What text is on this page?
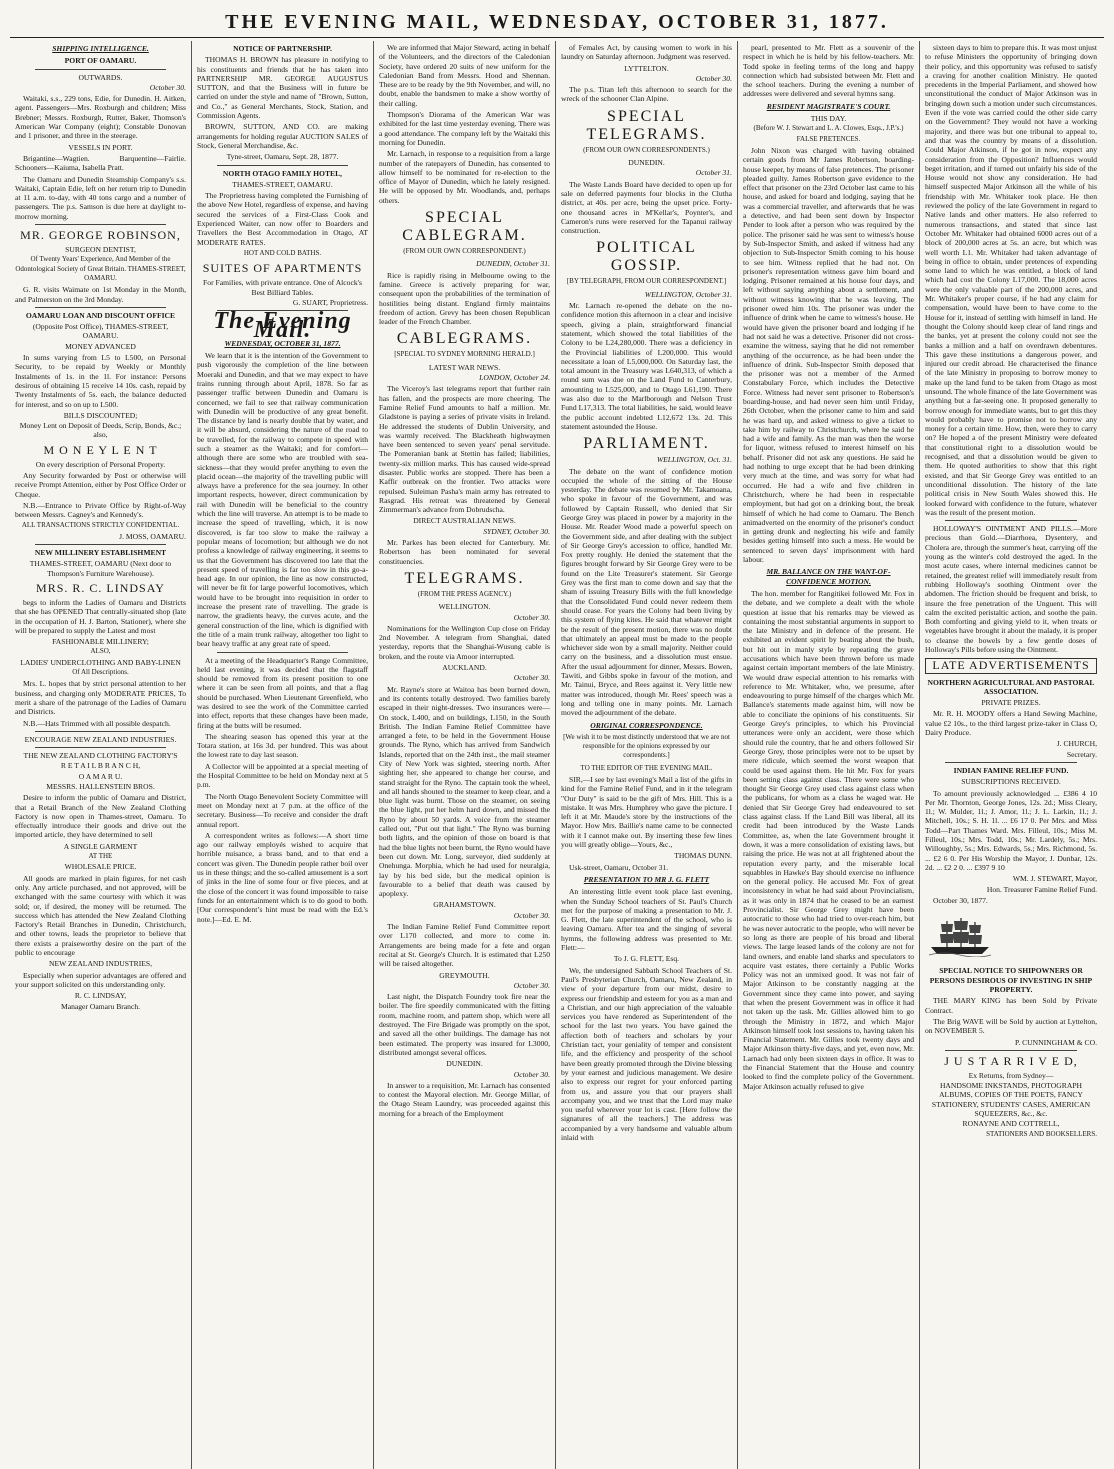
THE EVENING MAIL, WEDNESDAY, OCTOBER 31, 1877.
SHIPPING INTELLIGENCE.
PORT OF OAMARU.
OUTWARDS.
October 30.
Waitaki, s.s., 229 tons, Edie, for Dunedin. H. Aitken, agent. Passengers—Mrs. Roxburgh and children; Miss Brebner; Messrs. Roxburgh, Rutter, Baker, Thomson's American War Company (eight); Constable Donovan and 1 prisoner, and three in the steerage.
VESSELS IN PORT.
Brigantine—Wagtien. Barquentine—Fairlie. Schooners—Kaiuma, Isabella Pratt.
The Oamaru and Dunedin Steamship Company's s.s. Waitaki, Captain Edie, left on her return trip to Dunedin at 11 a.m. to-day, with 40 tons cargo and a number of passengers. The p.s. Samson is due here at daylight to-morrow morning.
MR. GEORGE ROBINSON,
SURGEON DENTIST,
Of Twenty Years' Experience, And Member of the Odontological Society of Great Britain. THAMES-STREET, OAMARU.
G. R. visits Waimate on 1st Monday in the Month, and Palmerston on the 3rd Monday.
OAMARU LOAN AND DISCOUNT OFFICE
(Opposite Post Office), THAMES-STREET, OAMARU.
MONEY ADVANCED
In sums varying from L5 to L500, on Personal Security, to be repaid by Weekly or Monthly Instalments of 1s. in the 1l. For instance: Persons desirous of obtaining 15 receive 14 10s. cash, repaid by Twenty Instalments of 5s. each, the balance deducted for interest, and so on up to L500.
BILLS DISCOUNTED;
Money Lent on Deposit of Deeds, Scrip, Bonds, &c.; also,
M O N E Y L E N T
On every description of Personal Property.
Any Security forwarded by Post or otherwise will receive Prompt Attention, either by Post Office Order or Cheque.
N.B.—Entrance to Private Office by Right-of-Way between Messrs. Cagney's and Kennedy's.
ALL TRANSACTIONS STRICTLY CONFIDENTIAL.
J. MOSS, OAMARU.
NEW MILLINERY ESTABLISHMENT
THAMES-STREET, OAMARU (Next door to Thompson's Furniture Warehouse).
MRS. R. C. LINDSAY
begs to inform the Ladies of Oamaru and Districts that she has OPENED That centrally-situated shop (late in the occupation of H. J. Barton, Stationer), where she will be prepared to supply the Latest and most
FASHIONABLE MILLINERY;
ALSO,
LADIES' UNDERCLOTHING AND BABY-LINEN
Of All Descriptions.
Mrs. L. hopes that by strict personal attention to her business, and charging only MODERATE PRICES, To merit a share of the patronage of the Ladies of Oamaru and Districts.
N.B.—Hats Trimmed with all possible despatch.
ENCOURAGE NEW ZEALAND INDUSTRIES.
THE NEW ZEALAND CLOTHING FACTORY'S
R E T A I L B R A N C H,
O A M A R U.
MESSRS. HALLENSTEIN BROS.
Desire to inform the public of Oamaru and District, that a Retail Branch of the New Zealand Clothing Factory is now open in Thames-street, Oamaru. To effectually introduce their goods and drive out the imported article, they have determined to sell
A SINGLE GARMENT
AT THE
WHOLESALE PRICE.
All goods are marked in plain figures, for net cash only. Any article purchased, and not approved, will be exchanged with the same courtesy with which it was sold; or, if desired, the money will be returned. The success which has attended the New Zealand Clothing Factory's Retail Branches in Dunedin, Christchurch, and other towns, leads the proprietor to believe that there exists a praiseworthy desire on the part of the public to encourage
NEW ZEALAND INDUSTRIES,
Especially when superior advantages are offered and your support solicited on this understanding only.
R. C. LINDSAY,
Manager Oamaru Branch.
NOTICE OF PARTNERSHIP.
THOMAS H. BROWN has pleasure in notifying to his constituents and friends that he has taken into PARTNERSHIP MR. GEORGE AUGUSTUS SUTTON, and that the Business will in future be carried on under the style and name of "Brown, Sutton, and Co.," as General Merchants, Stock, Station, and Commission Agents.
BROWN, SUTTON, AND CO. are making arrangements for holding regular AUCTION SALES of Stock, General Merchandise, &c.
Tyne-street, Oamaru, Sept. 28, 1877.
NORTH OTAGO FAMILY HOTEL,
THAMES-STREET, OAMARU.
The Proprietress having completed the Furnishing of the above New Hotel, regardless of expense, and having secured the services of a First-Class Cook and Experienced Waiter, can now offer to Boarders and Travellers the Best Accommodation in Otago, AT MODERATE RATES.
HOT AND COLD BATHS.
SUITES OF APARTMENTS
For Families, with private entrance. One of Alcock's Best Billiard Tables.
G. SUART, Proprietress.
The Evening Mail.
WEDNESDAY, OCTOBER 31, 1877.
We learn that it is the intention of the Government to push vigorously the completion of the line between Moeraki and Dunedin, and that we may expect to have trains running through about April, 1878. So far as passenger traffic between Dunedin and Oamaru is concerned, we fail to see that railway communication with Dunedin will be productive of any great benefit. The distance by land is nearly double that by water, and it will be absurd, considering the nature of the road to be travelled, for the railway to compete in speed with such a steamer as the Waitaki; and for comfort—although there are some who are troubled with sea-sickness—that they would prefer anything to even the placid ocean—the majority of the travelling public will always have a preference for the sea journey. In other important respects, however, direct communication by rail with Dunedin will be beneficial to the country which the line will traverse. An attempt is to be made to increase the speed of travelling, which, it is now discovered, is far too slow to make the railway a popular means of locomotion; but although we do not profess a knowledge of railway engineering, it seems to us that the Government has discovered too late that the present speed of travelling is far too slow in this go-a-head age. In our opinion, the line as now constructed, will never be fit for large powerful locomotives, which would have to be brought into requisition in order to increase the present rate of travelling. The grade is narrow, the gradients heavy, the curves acute, and the general construction of the line, which is dignified with the title of a main trunk railway, altogether too light to bear heavy traffic at any great rate of speed.
At a meeting of the Headquarter's Range Committee, held last evening, it was decided that the flagstaff should be removed from its present position to one where it can be seen from all points, and that a flag should be purchased. When Lieutenant Greenfield, who was desired to see the work of the Committee carried into effect, reports that these changes have been made, firing at the butts will be resumed.
The shearing season has opened this year at the Totara station, at 16s 3d. per hundred. This was about the lowest rate to day last season.
A Collector will be appointed at a special meeting of the Hospital Committee to be held on Monday next at 5 p.m.
The North Otago Benevolent Society Committee will meet on Monday next at 7 p.m. at the office of the secretary. Business—To receive and consider the draft annual report.
A correspondent writes as follows:—A short time ago our railway employés wished to acquire that horrible nuisance, a brass band, and to that end a concert was given. The Dunedin people rather boil over us in these things; and the so-called amusement is a sort of jinks in the line of some four or five pieces, and at the close of the concert it was found impossible to raise funds for an entertainment which is to do good to both. [Our correspondent’s hint must be read with the Ed.'s note.]—Ed. E. M.
We are informed that Major Steward, acting in behalf of the Volunteers, and the directors of the Caledonian Society, have ordered 20 suits of new uniform for the Caledonian Band from Messrs. Hood and Shennan. These are to be ready by the 9th November, and will, no doubt, enable the bandsmen to make a show worthy of their calling.
Thompson's Diorama of the American War was exhibited for the last time yesterday evening. There was a good attendance. The company left by the Waitaki this morning for Dunedin.
Mr. Larnach, in response to a requisition from a large number of the ratepayers of Dunedin, has consented to allow himself to be nominated for re-election to the office of Mayor of Dunedin, which he lately resigned. He will be opposed by Mr. Woodlands, and, perhaps others.
SPECIAL CABLEGRAM.
(FROM OUR OWN CORRESPONDENT.)
DUNEDIN, October 31.
Rice is rapidly rising in Melbourne owing to the famine. Greece is actively preparing for war, consequent upon the probabilities of the termination of hostilities being distant. England firmly maintains freedom of action. Grevy has been chosen Republican leader of the French Chamber.
CABLEGRAMS.
[SPECIAL TO SYDNEY MORNING HERALD.]
LATEST WAR NEWS.
LONDON, October 24.
The Viceroy's last telegrams report that further rain has fallen, and the prospects are more cheering. The Famine Relief Fund amounts to half a million. Mr. Gladstone is paying a series of private visits in Ireland. He addressed the students of Dublin University, and was warmly received. The Blackheath highwaymen have been sentenced to seven years' penal servitude. The Pomeranian bank at Stettin has failed; liabilities, twenty-six million marks. This has caused wide-spread disaster. Public works are stopped. There has been a Kaffir outbreak on the frontier. Two attacks were repulsed. Suleiman Pasha's main army has retreated to Rasgrad. His retreat was threatened by General Zimmerman's advance from Dobrudscha.
DIRECT AUSTRALIAN NEWS.
SYDNEY, October 30.
Mr. Parkes has been elected for Canterbury. Mr. Robertson has been nominated for several constituencies.
TELEGRAMS.
(FROM THE PRESS AGENCY.)
WELLINGTON.
October 30.
Nominations for the Wellington Cup close on Friday 2nd November. A telegram from Shanghai, dated yesterday, reports that the Shanghai-Wusung cable is broken, and the route via Amoor interrupted.
AUCKLAND.
October 30.
Mr. Rayne's store at Waitoa has been burned down, and its contents totally destroyed. Two families barely escaped in their night-dresses. Two insurances were—On stock, L400, and on buildings, L150, in the South British. The Indian Famine Relief Committee have arranged a fete, to be held in the Government House grounds. The Ryno, which has arrived from Sandwich Islands, reported that on the 24th inst., the mail steamer City of New York was sighted, steering north. After sighting her, she appeared to change her course, and stand straight for the Ryno. The captain took the wheel, and all hands shouted to the steamer to keep clear, and a blue light was burnt. Those on the steamer, on seeing the blue light, put her helm hard down, and missed the Ryno by about 50 yards. A voice from the steamer called out, "Put out that light." The Ryno was burning both lights, and the opinion of those on board is that had the blue lights not been burnt, the Ryno would have been cut down. Mr. Long, surveyor, died suddenly at Onehunga. Morphia, which he had used for neuralgia, lay by his bed side, but the medical opinion is favourable to a belief that death was caused by apoplexy.
GRAHAMSTOWN.
October 30.
The Indian Famine Relief Fund Committee report over L170 collected, and more to come in. Arrangements are being made for a fete and organ recital at St. George's Church. It is estimated that L250 will be raised altogether.
GREYMOUTH.
October 30.
Last night, the Dispatch Foundry took fire near the boiler. The fire speedily communicated with the fitting room, machine room, and pattern shop, which were all destroyed. The Fire Brigade was promptly on the spot, and saved all the other buildings. The damage has not been estimated. The property was insured for L3000, distributed amongst several offices.
DUNEDIN.
October 30.
In answer to a requisition, Mr. Larnach has consented to contest the Mayoral election. Mr. George Millar, of the Otago Steam Laundry, was proceeded against this morning for a breach of the Employment
of Females Act, by causing women to work in his laundry on Saturday afternoon. Judgment was reserved.
LYTTELTON.
October 30.
The p.s. Titan left this afternoon to search for the wreck of the schooner Clan Alpine.
SPECIAL TELEGRAMS.
(FROM OUR OWN CORRESPONDENTS.)
DUNEDIN.
October 31.
The Waste Lands Board have decided to open up for sale on deferred payments four blocks in the Clutha district, at 40s. per acre, being the upset price. Forty-one thousand acres in M'Kellar's, Poynter's, and Cameron's runs were reserved for the Tapanui railway construction.
POLITICAL GOSSIP.
[BY TELEGRAPH, FROM OUR CORRESPONDENT.]
WELLINGTON, October 31.
Mr. Larnach re-opened the debate on the no-confidence motion this afternoon in a clear and incisive speech, giving a plain, straightforward financial statement, which showed the total liabilities of the Colony to be L24,280,000. There was a deficiency in the Provincial liabilities of L200,000. This would necessitate a loan of L5,000,000. On Saturday last, the total amount in the Treasury was L640,313, of which a round sum was due on the Land Fund to Canterbury, amounting to L525,000, and to Otago L61,190. There was also due to the Marlborough and Nelson Trust Fund L17,313. The total liabilities, he said, would leave the public account indebted L12,672 13s. 2d. This statement astounded the House.
PARLIAMENT.
WELLINGTON, Oct. 31.
The debate on the want of confidence motion occupied the whole of the sitting of the House yesterday. The debate was resumed by Mr. Takamoana, who spoke in favour of the Government, and was followed by Captain Russell, who denied that Sir George Grey was placed in power by a majority in the House. Mr. Reader Wood made a powerful speech on the Government side, and after dealing with the subject of Sir George Grey's accession to office, handled Mr. Fox pretty roughly. He denied the statement that the figures brought forward by Sir George Grey were to be found on the Lite Treasurer's statement. Sir George Grey was the first man to come down and say that the sham of issuing Treasury Bills with the full knowledge that the Consolidated Fund could never redeem them should cease. For years the Colony had been living by this system of flying kites. He said that whatever might be the result of the present motion, there was no doubt that ultimately an appeal must be made to the people whichever side won by a small majority. Neither could carry on the business, and a dissolution must ensue. After the usual adjournment for dinner, Messrs. Bowen, Tawiti, and Gibbs spoke in favour of the motion, and Mr. Tainui, Bryce, and Rees against it. Very little new matter was introduced, though Mr. Rees' speech was a long and telling one in many points. Mr. Larnach moved the adjournment of the debate.
ORIGINAL CORRESPONDENCE.
[We wish it to be most distinctly understood that we are not responsible for the opinions expressed by our correspondents.]
TO THE EDITOR OF THE EVENING MAIL.
SIR,—I see by last evening's Mail a list of the gifts in kind for the Famine Relief Fund, and in it the telegram "Our Duty" is said to be the gift of Mrs. Hill. This is a mistake. It was Mrs. Humphrey who gave the picture. I left it at Mr. Maude's store by the instructions of the Mayor. How Mrs. Baillie's name came to be connected with it I cannot make out. By inserting these few lines you will greatly oblige—Yours, &c.,
THOMAS DUNN.
Usk-street, Oamaru, October 31.
PRESENTATION TO MR J. G. FLETT
An interesting little event took place last evening, when the Sunday School teachers of St. Paul's Church met for the purpose of making a presentation to Mr. J. G. Flett, the late superintendent of the school, who is leaving Oamaru. After tea and the singing of several hymns, the following address was presented to Mr. Flett:—
To J. G. FLETT, Esq.
We, the undersigned Sabbath School Teachers of St. Paul's Presbyterian Church, Oamaru, New Zealand, in view of your departure from our midst, desire to express our friendship and esteem for you as a man and a Christian, and our high appreciation of the valuable services you have rendered as Superintendent of the school for the last two years. You have gained the affection both of teachers and scholars by your Christian tact, your geniality of temper and consistent life, and the efficiency and prosperity of the school have been greatly promoted through the Divine blessing by your earnest and judicious management. We desire also to express our regret for your enforced parting from us, and assure you that our prayers shall accompany you, and we trust that the Lord may make you useful wherever your lot is cast. [Here follow the signatures of all the teachers.] The address was accompanied by a very handsome and valuable album inlaid with
pearl, presented to Mr. Flett as a souvenir of the respect in which he is held by his fellow-teachers. Mr. Todd spoke in feeling terms of the long and happy connection which had subsisted between Mr. Flett and the school teachers. During the evening a number of addresses were delivered and several hymns sang.
RESIDENT MAGISTRATE'S COURT.
THIS DAY.
(Before W. J. Stewart and L. A. Clowes, Esqs., J.P.'s.)
FALSE PRETENCES.
John Nixon was charged with having obtained certain goods from Mr James Robertson, boarding-house keeper, by means of false pretences. The prisoner pleaded guilty. James Robertson gave evidence to the effect that prisoner on the 23rd October last came to his house, and asked for board and lodging, saying that he was a commercial traveller, and afterwards that he was a detective, and had been sent down by Inspector Pender to look after a person who was required by the police. The prisoner said he was sent to witness's house by Sub-Inspector Smith, and asked if witness had any objection to Sub-Inspector Smith coming to his house to see him. Witness replied that he had not. On prisoner's representation witness gave him board and lodging. Prisoner remained at his house four days, and left without saying anything about a settlement, and without witness knowing that he was leaving. The prisoner owed him 10s. The prisoner was under the influence of drink when he came to witness's house. He would have given the prisoner board and lodging if he had not said he was a detective. Prisoner did not cross-examine the witness, saying that he did not remember anything of the occurrence, as he had been under the influence of drink. Sub-Inspector Smith deposed that the prisoner was not a member of the Armed Constabulary Force, which includes the Detective Force. Witness had never sent prisoner to Robertson's boarding-house, and had never seen him until Friday, 26th October, when the prisoner came to him and said he was hard up, and asked witness to give a ticket to take him by railway to Christchurch, where he said he had a wife and family. As the man was then the worse for liquor, witness refused to interest himself on his behalf. Prisoner did not ask any questions. He said he had nothing to urge except that he had been drinking very much at the time, and was sorry for what had occurred. He had a wife and five children in Christchurch, where he had been in respectable employment, but had got on a drinking bout, the break himself of which he had come to Oamaru. The Bench animadverted on the enormity of the prisoner's conduct in getting drunk and neglecting his wife and family besides getting himself into such a mess. He would be sentenced to seven days' imprisonment with hard labour.
MR. BALLANCE ON THE WANT-OF-CONFIDENCE MOTION.
The hon. member for Rangitikei followed Mr. Fox in the debate, and we complete a dealt with the whole question at issue that his remarks may be viewed as containing the most substantial arguments in support to the late Ministry and in defence of the present. He exhibited an evident spirit by beating about the bush, but hit out in manly style by repeating the grave accusations which have been thrown before us made against certain important members of the late Ministry. We would draw especial attention to his remarks with reference to Mr. Whitaker, who, we presume, after endeavouring to purge himself of the charges which Mr. Ballance's statements made against him, will now be able to conciliate the opinions of his constituents. Sir George Grey's principles, to which his Provincial utterances were only an accident, were those which should rule the country, that he and others followed Sir George Grey, those principles were not to be upset by mere ridicule, which seemed the worst weapon that could be used against them. He hit Mr. Fox for years been setting class against class. There were some who thought Sir George Grey used class against class when the publicans, for whom as a class he waged war. He denied that Sir George Grey had endeavoured to set class against class. If the Land Bill was liberal, all its credit had been introduced by the Waste Lands Committee, as, when the late Government brought it down, it was a mere consolidation of existing laws, but raising the price. He was not at all frightened about the reputation every party, and the miserable local squabbles in Hawke's Bay should exercise no influence on the general policy. He accused Mr. Fox of great inconsistency in what he had said about Provincialism, as it was only in 1874 that he ceased to be an earnest Provincialist. Sir George Grey might have been autocratic to those who had tried to over-reach him, but he was never autocratic to the people, who will never be so long as there are people of his broad and liberal views. The large leased lands of the colony are not for land owners, and enable land sharks and speculators to acquire vast estates, there certainly a Public Works Policy was not an unmixed good. It was not fair of Major Atkinson to be constantly nagging at the Government since they came into power, and saying that when the present Government was in office it had not taken up the task. Mr. Gillies allowed him to go through the Ministry in 1872, and which Major Atkinson himself took lost sessions to, having taken his Financial Statement. Mr. Gillies took twenty days and Major Atkinson thirty-five days, and yet, even now, Mr. Larnach had only been sixteen days in office. It was to the Financial Statement that the House and country looked to find the complete policy of the Government. Major Atkinson actually refused to give
sixteen days to him to prepare this. It was most unjust to refuse Ministers the opportunity of bringing down their policy, and this opportunity was refused to satisfy a craving for another coalition Ministry. He quoted precedents in the Imperial Parliament, and showed how unconstitutional the conduct of Major Atkinson was in bringing down such a motion under such circumstances. Even if the vote was carried could the other side carry on the Government? They would not have a working majority, and there was but one tribunal to appeal to, and that was the country by means of a dissolution. Could Major Atkinson, if he got in now, expect any consideration from the Opposition? Influences would beget irritation, and if turned out unfairly his side of the House would not show any consideration. He had himself suspected Major Atkinson all the while of his friendship with Mr. Whitaker took place. He then reviewed the policy of the late Government in regard to Native lands and other matters. He also referred to numerous transactions, and stated that since last October Mr. Whitaker had obtained 6000 acres out of a block of 200,000 acres at 5s. an acre, but which was well worth L1. Mr. Whitaker had taken advantage of being in office to obtain, under pretences of expending some land to which he was entitled, a block of land which had cost the Colony L17,000. The 18,000 acres were the only valuable part of the 200,000 acres, and Mr. Whitaker's proper course, if he had any claim for compensation, would have been to have come to the House for it, instead of settling with himself in land. He thought the Colony should keep clear of land rings and the banks, yet at present the colony could not see the banks a million and a half on overdrawn debentures. This gave these institutions a dangerous power, and injured our credit abroad. He characterised the finance of the late Ministry in proposing to borrow money to make up the land fund to be taken from Otago as most unsound. The whole finance of the late Government was anything but a far-seeing one. It proposed generally to borrow enough for immediate wants, but to get this they would probably have to promise not to borrow any money for a certain time. How, then, were they to carry on? He hoped a of the present Ministry were defeated that constitutional right to a dissolution would be recognised, and that a dissolution would be given to them. He quoted authorities to show that this right existed, and that Sir George Grey was entitled to an unconditional dissolution. The history of the late political crisis in New South Wales showed this. He looked forward with confidence to the future, whatever was the result of the present motion.
HOLLOWAY'S OINTMENT AND PILLS.—More precious than Gold.—Diarrhoea, Dysentery, and Cholera are, through the summer's heat, carrying off the young as the winter's cold destroyed the aged. In the most acute cases, where internal medicines cannot be retained, the greatest relief will immediately result from rubbing Holloway's soothing Ointment over the abdomen. The friction should be frequent and brisk, to insure the free penetration of the Unguent. This will calm the excited peristaltic action, and soothe the pain. Both comforting and giving yield to it, when treats or vegetables have brought it about the malady, it is proper to cleanse the bowels by a few gentle doses of Holloway's Pills before using the Ointment.
LATE ADVERTISEMENTS
NORTHERN AGRICULTURAL AND PASTORAL ASSOCIATION.
PRIVATE PRIZES.
Mr. R. H. MOODY offers a Hand Sewing Machine, value £2 10s., to the third largest prize-taker in Class O, Dairy Produce.
J. CHURCH,
Secretary.
INDIAN FAMINE RELIEF FUND.
SUBSCRIPTIONS RECEIVED.
To amount previously acknowledged ... £386 4 10 Per Mr. Thornton, George Jones, 12s. 2d.; Miss Cleary, 1l.; W. Mulder, 1l.; J. Amor, 1l.; J. L. Larkin, 1l.; J. Mitchell, 10s.; S. H. 1l. ... £6 17 0. Per Mrs. and Miss Todd—Part Thames Ward. Mrs. Filleul, 10s.; Miss M. Filleul, 10s.; Mrs. Todd, 10s.; Mr. Lardely, 5s.; Mrs. Willoughby, 5s.; Mrs. Edwards, 5s.; Mrs. Richmond, 5s. ... £2 6 0. Per His Worship the Mayor, J. Dunbar, 12s. 2d. ... £2 2 0. ... £397 9 10
WM. J. STEWART, Mayor,
Hon. Treasurer Famine Relief Fund.
October 30, 1877.
SPECIAL NOTICE TO SHIPOWNERS OR PERSONS DESIROUS OF INVESTING IN SHIP PROPERTY.
THE MARY KING has been Sold by Private Contract.
The Brig WAVE will be Sold by auction at Lyttelton, on NOVEMBER 5.
P. CUNNINGHAM & CO.
J U S T A R R I V E D,
Ex Returns, from Sydney—
HANDSOME INKSTANDS, PHOTOGRAPH ALBUMS, COPIES OF THE POETS, FANCY STATIONERY, STUDENTS' CASES, AMERICAN SQUEEZERS, &c., &c.
RONAYNE AND COTTRELL,
STATIONERS AND BOOKSELLERS.
